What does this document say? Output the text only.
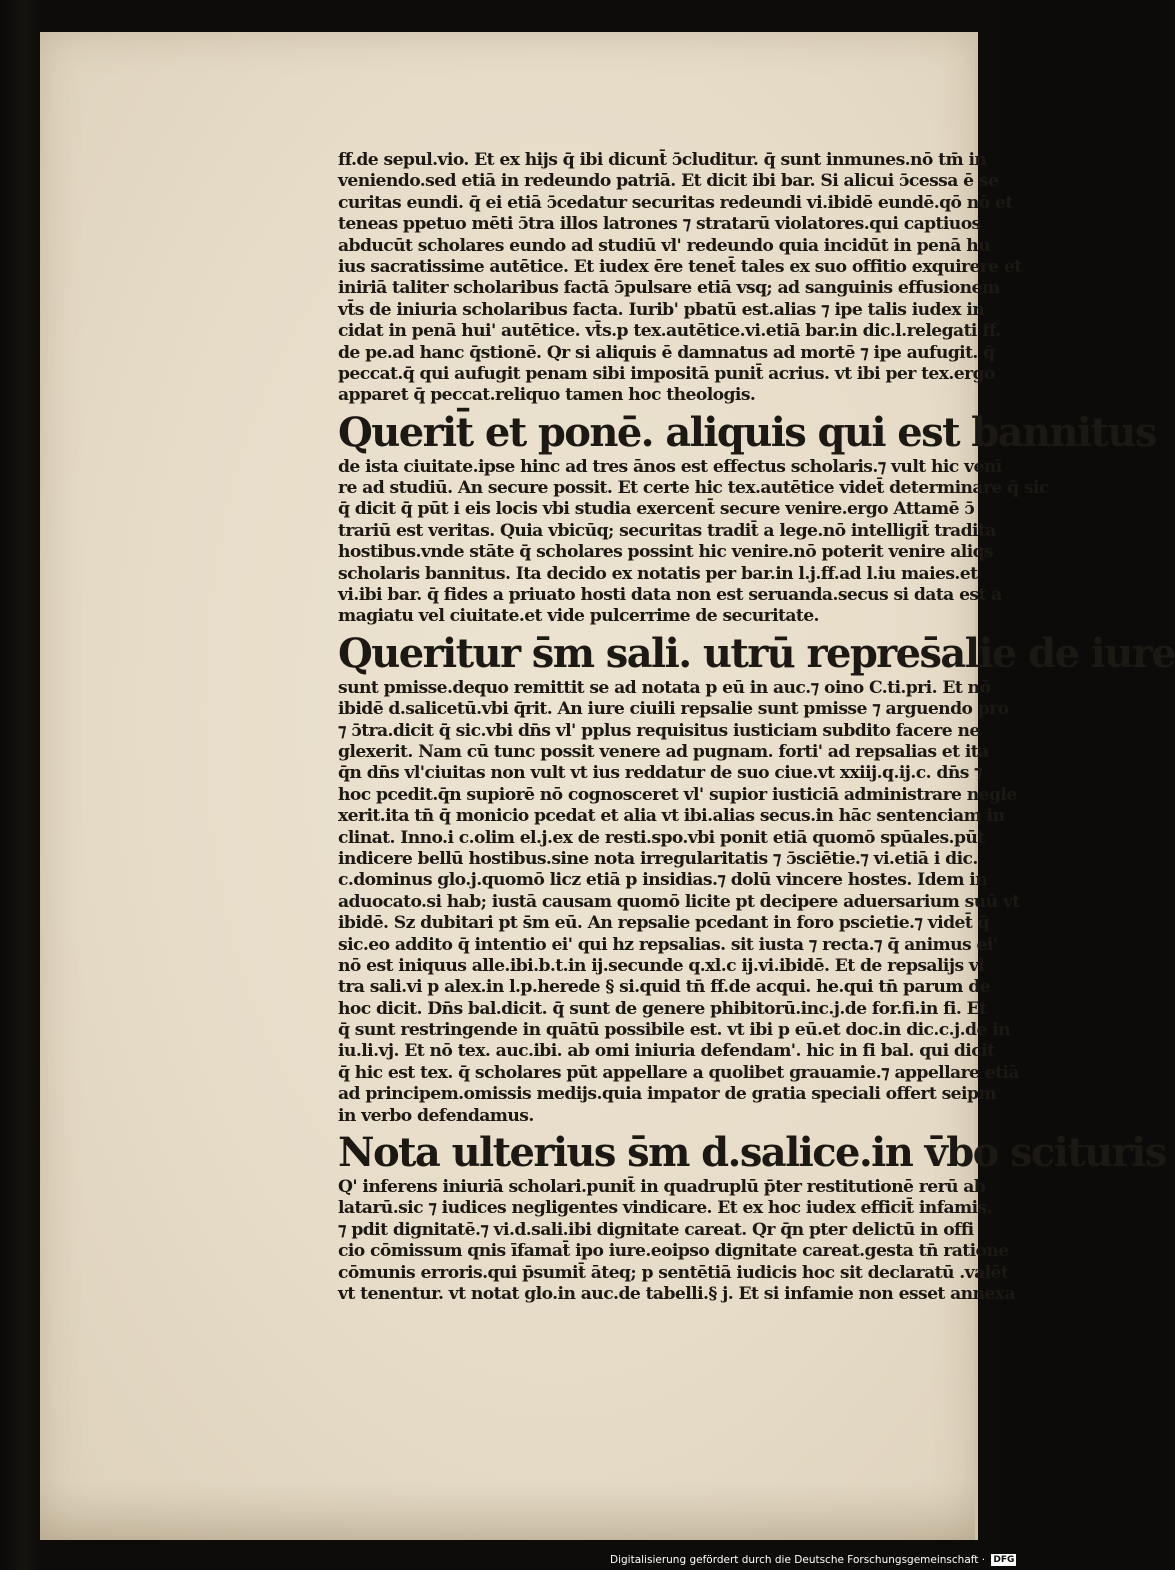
ff.de sepul.vio. Et ex hijs q̄ ibi dicunt̄ ɔ̄cluditur. q̄ sunt inmunes.nō tm̄ in
veniendo.sed etiā in redeundo patriā. Et dicit ibi bar. Si alicui ɔ̄cessa ē se
curitas eundi. q̄ ei etiā ɔ̄cedatur securitas redeundi vi.ibidē eundē.qō nō et
teneas ppetuo mēti ɔ̄tra illos latrones ⁊ stratarū violatores.qui captiuos
abducūt scholares eundo ad studiū vl' redeundo quia incidūt in penā hu
ius sacratissime autētice. Et iudex ēre tenet̄ tales ex suo offitio exquirere et
iniriā taliter scholaribus factā ɔ̄pulsare etiā vsq; ad sanguinis effusionem
vt̄s de iniuria scholaribus facta. Iurib' pbatū est.alias ⁊ ipe talis iudex in
cidat in penā hui' autētice. vt̄s.p tex.autētice.vi.etiā bar.in dic.l.relegati ff.
de pe.ad hanc q̄stionē. Qr si aliquis ē damnatus ad mortē ⁊ ipe aufugit. q̄
peccat.q̄ qui aufugit penam sibi impositā punit̄ acrius. vt ibi per tex.ergo
apparet q̄ peccat.reliquo tamen hoc theologis.
Querit̄ et ponē. aliquis qui est bannitus
de ista ciuitate.ipse hinc ad tres ānos est effectus scholaris.⁊ vult hic venī
re ad studiū. An secure possit. Et certe hic tex.autētice videt̄ determinare q̄ sic
q̄ dicit q̄ pūt i eis locis vbi studia exercent̄ secure venire.ergo Attamē ɔ̄
trariū est veritas. Quia vbicūq; securitas tradit̄ a lege.nō intelligit̄ tradita
hostibus.vnde stāte q̄ scholares possint hic venire.nō poterit venire aliqs
scholaris bannitus. Ita decido ex notatis per bar.in l.j.ff.ad l.iu maies.et
vi.ibi bar. q̄ fides a priuato hosti data non est seruanda.secus si data est a
magiatu vel ciuitate.et vide pulcerrime de securitate.
Queritur s̄m sali. utrū repres̄alie de iure
sunt pmisse.dequo remittit se ad notata p eū in auc.⁊ oino C.ti.pri. Et nō
ibidē d.salicetū.vbi q̄rit. An iure ciuili repsalie sunt pmisse ⁊ arguendo pro
⁊ ɔ̄tra.dicit q̄ sic.vbi dn̄s vl' pplus requisitus iusticiam subdito facere ne
glexerit. Nam cū tunc possit venere ad pugnam. forti' ad repsalias et ita
q̄n dn̄s vl'ciuitas non vult vt ius reddatur de suo ciue.vt xxiij.q.ij.c. dn̄s ⁊
hoc pcedit.q̄n supiorē nō cognosceret vl' supior iusticiā administrare negle
xerit.ita tn̄ q̄ monicio pcedat et alia vt ibi.alias secus.in hāc sentenciam in
clinat. Inno.i c.olim el.j.ex de resti.spo.vbi ponit etiā quomō spūales.pūt
indicere bellū hostibus.sine nota irregularitatis ⁊ ɔ̄sciētie.⁊ vi.etiā i dic.
c.dominus glo.j.quomō licz etiā p insidias.⁊ dolū vincere hostes. Idem in
aduocato.si hab; iustā causam quomō licite pt decipere aduersarium suū vt
ibidē. Sz dubitari pt s̄m eū. An repsalie pcedant in foro pscietie.⁊ videt̄ q̄
sic.eo addito q̄ intentio ei' qui hz repsalias. sit iusta ⁊ recta.⁊ q̄ animus ei'
nō est iniquus alle.ibi.b.t.in ij.secunde q.xl.c ij.vi.ibidē. Et de repsalijs vl
tra sali.vi p alex.in l.p.herede § si.quid tn̄ ff.de acqui. he.qui tn̄ parum de
hoc dicit. Dn̄s bal.dicit. q̄ sunt de genere phibitorū.inc.j.de for.fi.in fi. Et
q̄ sunt restringende in quātū possibile est. vt ibi p eū.et doc.in dic.c.j.de in
iu.li.vj. Et nō tex. auc.ibi. ab omi iniuria defendam'. hic in fi bal. qui dicit
q̄ hic est tex. q̄ scholares pūt appellare a quolibet grauamie.⁊ appellare etiā
ad principem.omissis medijs.quia impator de gratia speciali offert seipm
in verbo defendamus.
Nota ulterius s̄m d.salice.in v̄bo scituris
Q' inferens iniuriā scholari.punit̄ in quadruplū p̄ter restitutionē rerū ab
latarū.sic ⁊ iudices negligentes vindicare. Et ex hoc iudex efficit̄ infamis.
⁊ pdit dignitatē.⁊ vi.d.sali.ibi dignitate careat. Qr q̄n pter delictū in offi
cio cōmissum qnis īfamat̄ ipo iure.eoipso dignitate careat.gesta tn̄ ratione
cōmunis erroris.qui p̄sumit̄ āteq; p sentētiā iudicis hoc sit declaratū .valēt
vt tenentur. vt notat glo.in auc.de tabelli.§ j. Et si infamie non esset annexa
Digitalisierung gefördert durch die Deutsche Forschungsgemeinschaft · DFG
